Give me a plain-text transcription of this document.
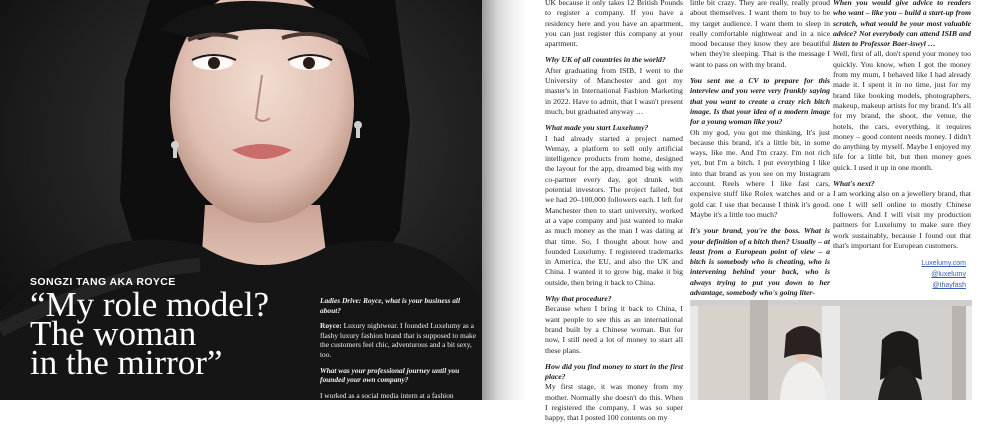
SONGZI TANG AKA ROYCE
“My role model?
The woman
in the mirror”

Ladies Drive: Royce, what is your business all about?

Royce: Luxury nightwear. I founded Luxelumy as a flashy luxury fashion brand that is supposed to make the customers feel chic, adventurous and a bit sexy, too.

What was your professional journey until you founded your own company?

I worked as a social media intern at a fashion

UK because it only takes 12 British Pounds to register a company. If you have a residency here and you have an apartment, you can just register this company at your apartment.

Why UK of all countries in the world?

After graduating from ISIB, I went to the University of Manchester and got my master's in International Fashion Marketing in 2022. Have to admit, that I wasn't present much, but graduated anyway …

What made you start Luxelumy?

I had already started a project named Wemay, a platform to sell only artificial intelligence products from home, designed the layout for the app, dreamed big with my co-partner every day, got drunk with potential investors. The project failed, but we had 20–100,000 followers each. I left for Manchester then to start university, worked at a vape company and just wanted to make as much money as the man I was dating at that time. So, I thought about how and founded Luxelumy. I registered trademarks in America, the EU, and also the UK and China. I wanted it to grow big, make it big outside, then bring it back to China.

Why that procedure?

Because when I bring it back to China, I want people to see this as an international brand built by a Chinese woman. But for now, I still need a lot of money to start all these plans.

How did you find money to start in the first place?

My first stage, it was money from my mother. Normally she doesn't do this. When I registered the company, I was so super happy, that I posted 100 contents on my

little bit crazy. They are really, really proud about themselves. I want them to buy to be my target audience. I want them to sleep in really comfortable nightwear and in a nice mood because they know they are beautiful when they're sleeping. That is the message I want to pass on with my brand.

You sent me a CV to prepare for this interview and you were very frankly saying that you want to create a crazy rich bitch image. Is that your idea of a modern image for a young woman like you?

Oh my god, you got me thinking. It's just because this brand, it's a little bit, in some ways, like me. And I'm crazy. I'm not rich yet, but I'm a bitch. I put everything I like into that brand as you see on my Instagram account. Reels where I like fast cars, expensive stuff like Rolex watches and or a gold car. I use that because I think it's good. Maybe it's a little too much?

It's your brand, you're the boss. What is your definition of a bitch then? Usually – at least from a European point of view – a bitch is somebody who is cheating, who is intervening behind your back, who is always trying to put you down to her advantage, somebody who's going liter-
When you would give advice to readers who want – like you – build a start-up from scratch, what would be your most valuable advice? Not everybody can attend ISIB and listen to Professor Baer-iswyl …

Well, first of all, don't spend your money too quickly. You know, when I got the money from my mum, I behaved like I had already made it. I spent it in no time, just for my brand like booking models, photographers, makeup, makeup artists for my brand. It's all for my brand, the shoot, the venue, the hotels, the cars, everything, it requires money – good content needs money. I didn't do anything by myself. Maybe I enjoyed my life for a little bit, but then money goes quick. I used it up in one month.

What's next?

I am working also on a jewellery brand, that one I will sell online to mostly Chinese followers. And I will visit my production partners for Luxelumy to make sure they work sustainably, because I found out that that's important for European customers.

Luxelumy.com
@luxelumy
@thayfash
